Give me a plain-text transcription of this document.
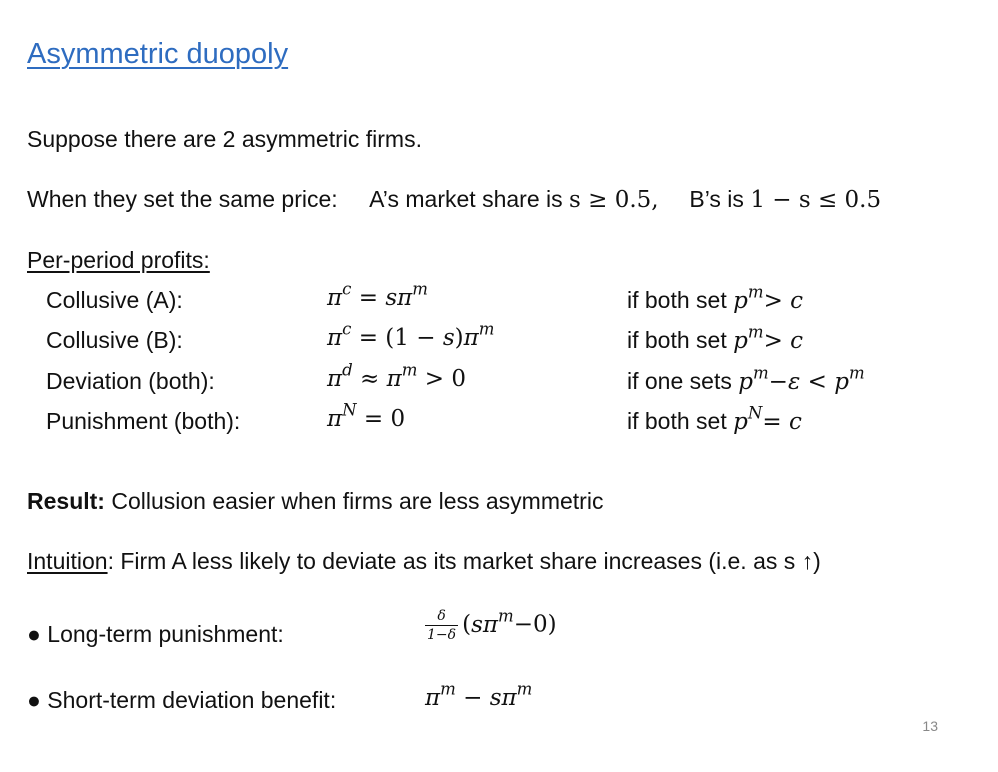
Asymmetric duopoly
Suppose there are 2 asymmetric firms.
When they set the same price: A’s market share is s ≥ 0.5, B’s is 1 − s ≤ 0.5
Per-period profits:
Collusive (A):	$\pi^c = s\pi^m$	if both set $p^m> c$
Collusive (B):	$\pi^c = (1 - s)\pi^m$	if both set $p^m> c$
Deviation (both):	$\pi^d \approx \pi^m > 0$	if one sets $p^m-\varepsilon < p^m$
Punishment (both):	$\pi^N = 0$	if both set $p^N= c$
Result: Collusion easier when firms are less asymmetric
Intuition: Firm A less likely to deviate as its market share increases (i.e. as s ↑)
● Long-term punishment:	$\frac{\delta}{1-\delta} (s\pi^m-0)$
● Short-term deviation benefit:	$\pi^m - s\pi^m$
13
